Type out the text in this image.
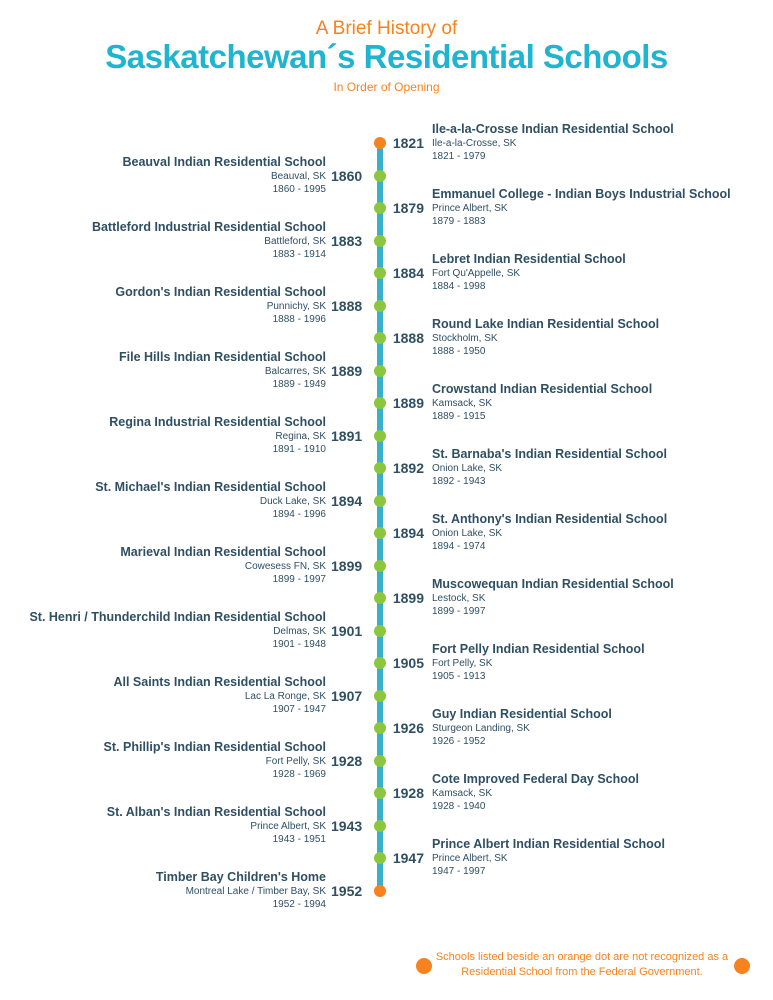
A Brief History of
Saskatchewan´s Residential Schools
In Order of Opening
1860
Beauval Indian Residential School
Beauval, SK
1860 - 1995
1883
Battleford Industrial Residential School
Battleford, SK
1883 - 1914
1888
Gordon's Indian Residential School
Punnichy, SK
1888 - 1996
1889
File Hills Indian Residential School
Balcarres, SK
1889 - 1949
1891
Regina Industrial Residential School
Regina, SK
1891 - 1910
1894
St. Michael's Indian Residential School
Duck Lake, SK
1894 - 1996
1899
Marieval Indian Residential School
Cowesess FN, SK
1899 - 1997
1901
St. Henri / Thunderchild Indian Residential School
Delmas, SK
1901 - 1948
1907
All Saints Indian Residential School
Lac La Ronge, SK
1907 - 1947
1928
St. Phillip's Indian Residential School
Fort Pelly, SK
1928 - 1969
1943
St. Alban's Indian Residential School
Prince Albert, SK
1943 - 1951
1952
Timber Bay Children's Home
Montreal Lake / Timber Bay, SK
1952 - 1994
1821
Ile-a-la-Crosse Indian Residential School
Ile-a-la-Crosse, SK
1821 - 1979
1879
Emmanuel College - Indian Boys Industrial School
Prince Albert, SK
1879 - 1883
1884
Lebret Indian Residential School
Fort Qu'Appelle, SK
1884 - 1998
1888
Round Lake Indian Residential School
Stockholm, SK
1888 - 1950
1889
Crowstand Indian Residential School
Kamsack, SK
1889 - 1915
1892
St. Barnaba's Indian Residential School
Onion Lake, SK
1892 - 1943
1894
St. Anthony's Indian Residential School
Onion Lake, SK
1894 - 1974
1899
Muscowequan Indian Residential School
Lestock, SK
1899 - 1997
1905
Fort Pelly Indian Residential School
Fort Pelly, SK
1905 - 1913
1926
Guy Indian Residential School
Sturgeon Landing, SK
1926 - 1952
1928
Cote Improved Federal Day School
Kamsack, SK
1928 - 1940
1947
Prince Albert Indian Residential School
Prince Albert, SK
1947 - 1997
Schools listed beside an orange dot are not recognized as a Residential School from the Federal Government.
